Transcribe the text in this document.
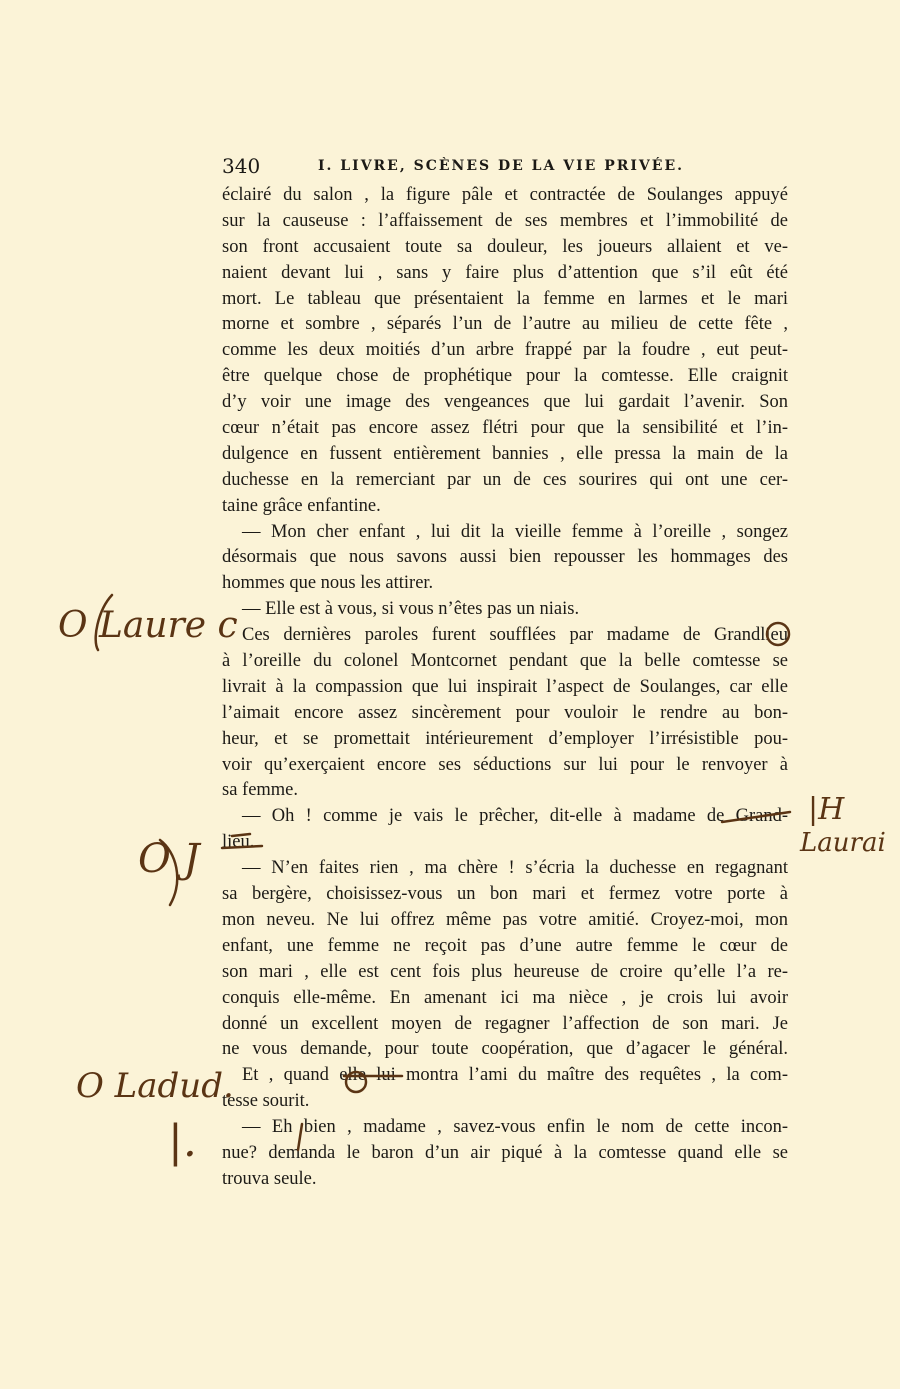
340	I. LIVRE, SCÈNES DE LA VIE PRIVÉE.
éclairé du salon , la figure pâle et contractée de Soulanges appuyé
sur la causeuse : l’affaissement de ses membres et l’immobilité de
son front accusaient toute sa douleur, les joueurs allaient et ve-
naient devant lui , sans y faire plus d’attention que s’il eût été
mort. Le tableau que présentaient la femme en larmes et le mari
morne et sombre , séparés l’un de l’autre au milieu de cette fête ,
comme les deux moitiés d’un arbre frappé par la foudre , eut peut-
être quelque chose de prophétique pour la comtesse. Elle craignit
d’y voir une image des vengeances que lui gardait l’avenir. Son
cœur n’était pas encore assez flétri pour que la sensibilité et l’in-
dulgence en fussent entièrement bannies , elle pressa la main de la
duchesse en la remerciant par un de ces sourires qui ont une cer-
taine grâce enfantine.
— Mon cher enfant , lui dit la vieille femme à l’oreille , songez
désormais que nous savons aussi bien repousser les hommages des
hommes que nous les attirer.
— Elle est à vous, si vous n’êtes pas un niais.
Ces dernières paroles furent soufflées par madame de Grandlieu
à l’oreille du colonel Montcornet pendant que la belle comtesse se
livrait à la compassion que lui inspirait l’aspect de Soulanges, car elle
l’aimait encore assez sincèrement pour vouloir le rendre au bon-
heur, et se promettait intérieurement d’employer l’irrésistible pou-
voir qu’exerçaient encore ses séductions sur lui pour le renvoyer à
sa femme.
— Oh ! comme je vais le prêcher, dit-elle à madame de Grand-
lieu.
— N’en faites rien , ma chère ! s’écria la duchesse en regagnant
sa bergère, choisissez-vous un bon mari et fermez votre porte à
mon neveu. Ne lui offrez même pas votre amitié. Croyez-moi, mon
enfant, une femme ne reçoit pas d’une autre femme le cœur de
son mari , elle est cent fois plus heureuse de croire qu’elle l’a re-
conquis elle-même. En amenant ici ma nièce , je crois lui avoir
donné un excellent moyen de regagner l’affection de son mari. Je
ne vous demande, pour toute coopération, que d’agacer le général.
Et , quand elle lui montra l’ami du maître des requêtes , la com-
tesse sourit.
— Eh bien , madame , savez-vous enfin le nom de cette incon-
nue? demanda le baron d’un air piqué à la comtesse quand elle se
trouva seule.
O Laure c
O J
O Ladud.
|.
|H
Laurai
